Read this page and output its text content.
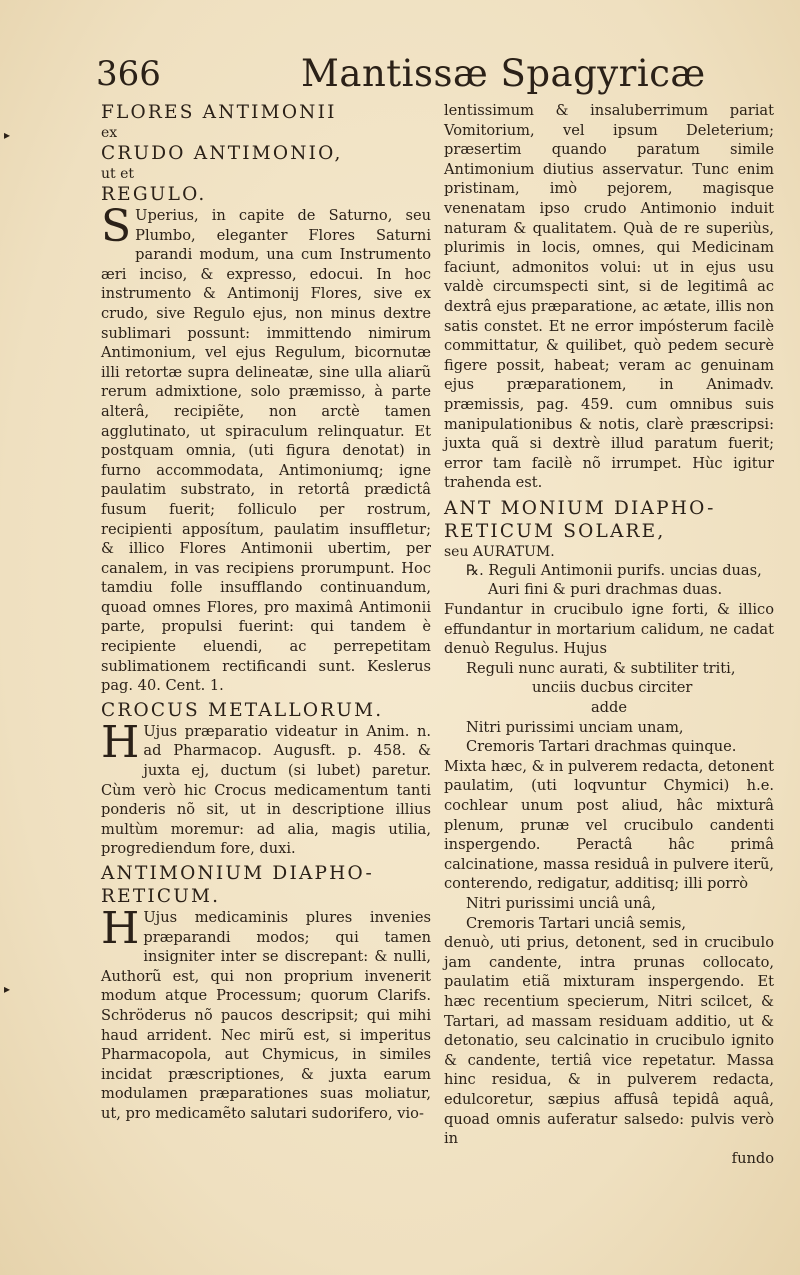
▸
▸
366	Mantissæ Spagyricæ

FLORES ANTIMONII

ex

CRUDO ANTIMONIO,

ut et

REGULO.

S Uperius, in capite de Saturno, seu Plumbo, eleganter Flores Saturni parandi modum, una cum Instrumento æri inciso, & expresso, edocui. In hoc instrumento & Antimonij Flores, sive ex crudo, sive Regulo ejus, non minus dextre sublimari possunt: immittendo nimirum Antimonium, vel ejus Regulum, bicornutæ illi retortæ supra delineatæ, sine ulla aliarũ rerum admixtione, solo præmisso, à parte alterâ, recipiẽte, non arctè tamen agglutinato, ut spiraculum relinquatur. Et postquam omnia, (uti figura denotat) in furno accommodata, Antimoniumq; igne paulatim substrato, in retortâ prædictâ fusum fuerit; folliculo per rostrum, recipienti apposítum, paulatim insuffletur; & illico Flores Antimonii ubertim, per canalem, in vas recipiens prorumpunt. Hoc tamdiu folle insufflando continuandum, quoad omnes Flores, pro maximâ Antimonii parte, propulsi fuerint: qui tandem è recipiente eluendi, ac perrepetitam sublimationem rectificandi sunt. Keslerus pag. 40. Cent. 1.

CROCUS METALLORUM.

H Ujus præparatio videatur in Anim. n. ad Pharmacop. Augusft. p. 458. & juxta ej, ductum (si lubet) paretur. Cùm verò hic Crocus medicamentum tanti ponderis nõ sit, ut in descriptione illius multùm moremur: ad alia, magis utilia, progrediendum fore, duxi.

ANTIMONIUM DIAPHO-

RETICUM.

H Ujus medicaminis plures invenies præparandi modos; qui tamen insigniter inter se discrepant: & nulli, Authorũ est, qui non proprium invenerit modum atque Processum; quorum Clarifs. Schröderus nõ paucos descripsit; qui mihi haud arrident. Nec mirũ est, si imperitus Pharmacopola, aut Chymicus, in similes incidat præscriptiones, & juxta earum modulamen præparationes suas moliatur, ut, pro medicamẽto salutari sudorifero, vio-

lentissimum & insaluberrimum pariat Vomitorium, vel ipsum Deleterium; præsertim quando paratum simile Antimonium diutius asservatur. Tunc enim pristinam, imò pejorem, magisque venenatam ipso crudo Antimonio induit naturam & qualitatem. Quà de re superiùs, plurimis in locis, omnes, qui Medicinam faciunt, admonitos volui: ut in ejus usu valdè circumspecti sint, si de legitimâ ac dextrâ ejus præparatione, ac ætate, illis non satis constet. Et ne error impósterum facilè committatur, & quilibet, quò pedem securè figere possit, habeat; veram ac genuinam ejus præparationem, in Animadv. præmissis, pag. 459. cum omnibus suis manipulationibus & notis, clarè præscripsi: juxta quã si dextrè illud paratum fuerit; error tam facilè nõ irrumpet. Hùc igitur trahenda est.

ANT MONIUM DIAPHO-

RETICUM SOLARE,

seu AURATUM.

℞. Reguli Antimonii purifs. uncias duas,

Auri fini & puri drachmas duas.

Fundantur in crucibulo igne forti, & illico effundantur in mortarium calidum, ne cadat denuò Regulus. Hujus

Reguli nunc aurati, & subtiliter triti,

unciis ducbus circiter

adde

Nitri purissimi unciam unam,

Cremoris Tartari drachmas quinque.

Mixta hæc, & in pulverem redacta, detonent paulatim, (uti loqvuntur Chymici) h.e. cochlear unum post aliud, hâc mixturâ plenum, prunæ vel crucibulo candenti inspergendo. Peractâ hâc primâ calcinatione, massa residuâ in pulvere iterũ, conterendo, redigatur, additisq; illi porrò

Nitri purissimi unciâ unâ,

Cremoris Tartari unciâ semis,

denuò, uti prius, detonent, sed in crucibulo jam candente, intra prunas collocato, paulatim etiã mixturam inspergendo. Et hæc recentium specierum, Nitri scilcet, & Tartari, ad massam residuam additio, ut & detonatio, seu calcinatio in crucibulo ignito & candente, tertiâ vice repetatur. Massa hinc residua, & in pulverem redacta, edulcoretur, sæpius affusâ tepidâ aquâ, quoad omnis auferatur salsedo: pulvis verò in

fundo
